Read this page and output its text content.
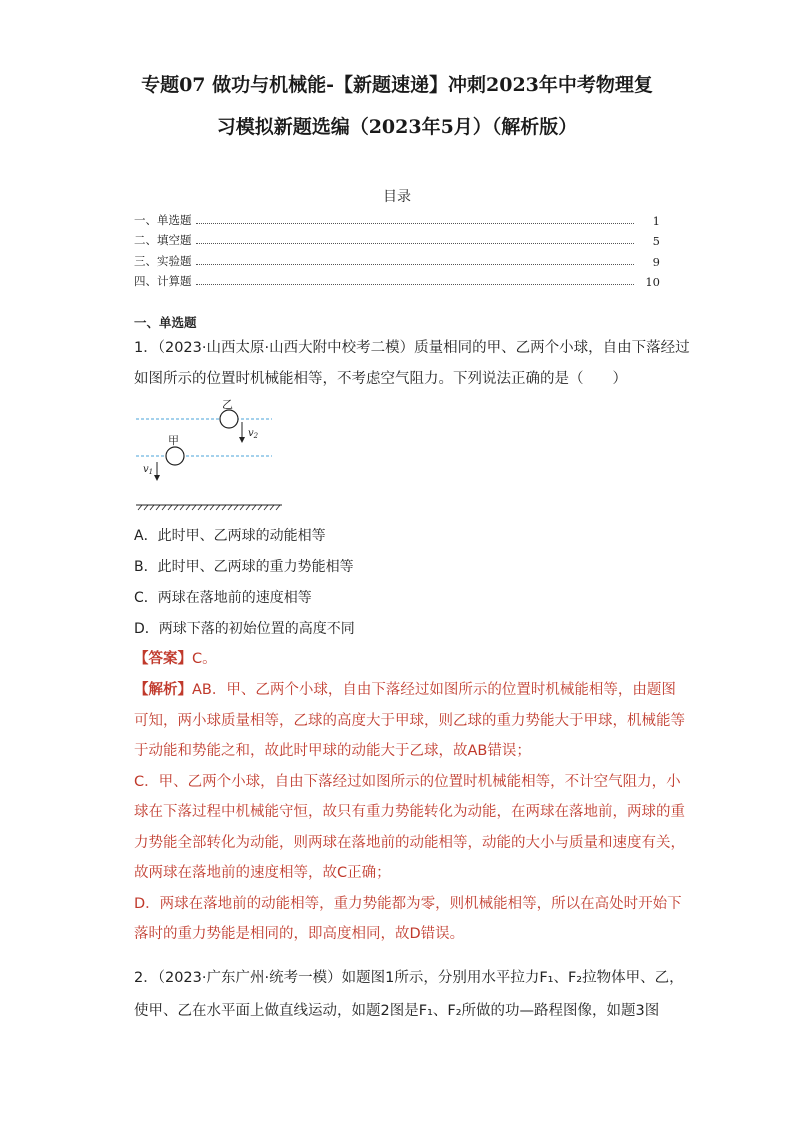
专题07 做功与机械能-【新题速递】冲刺2023年中考物理复
习模拟新题选编（2023年5月）（解析版）
目录
一、单选题	1
二、填空题	5
三、实验题	9
四、计算题	10
一、单选题

1．（2023·山西太原·山西大附中校考二模）质量相同的甲、乙两个小球，自由下落经过

如图所示的位置时机械能相等，不考虑空气阻力。下列说法正确的是（　　）

乙
甲
$v_2$
$v_1$
A．此时甲、乙两球的动能相等
B．此时甲、乙两球的重力势能相等
C．两球在落地前的速度相等
D．两球下落的初始位置的高度不同

【答案】C。

【解析】AB．甲、乙两个小球，自由下落经过如图所示的位置时机械能相等，由题图

可知，两小球质量相等，乙球的高度大于甲球，则乙球的重力势能大于甲球，机械能等

于动能和势能之和，故此时甲球的动能大于乙球，故AB错误；

C．甲、乙两个小球，自由下落经过如图所示的位置时机械能相等，不计空气阻力，小

球在下落过程中机械能守恒，故只有重力势能转化为动能，在两球在落地前，两球的重

力势能全部转化为动能，则两球在落地前的动能相等，动能的大小与质量和速度有关，

故两球在落地前的速度相等，故C正确；

D．两球在落地前的动能相等，重力势能都为零，则机械能相等，所以在高处时开始下

落时的重力势能是相同的，即高度相同，故D错误。

2．（2023·广东广州·统考一模）如题图1所示，分别用水平拉力F₁、F₂拉物体甲、乙，

使甲、乙在水平面上做直线运动，如题2图是F₁、F₂所做的功—路程图像，如题3图
